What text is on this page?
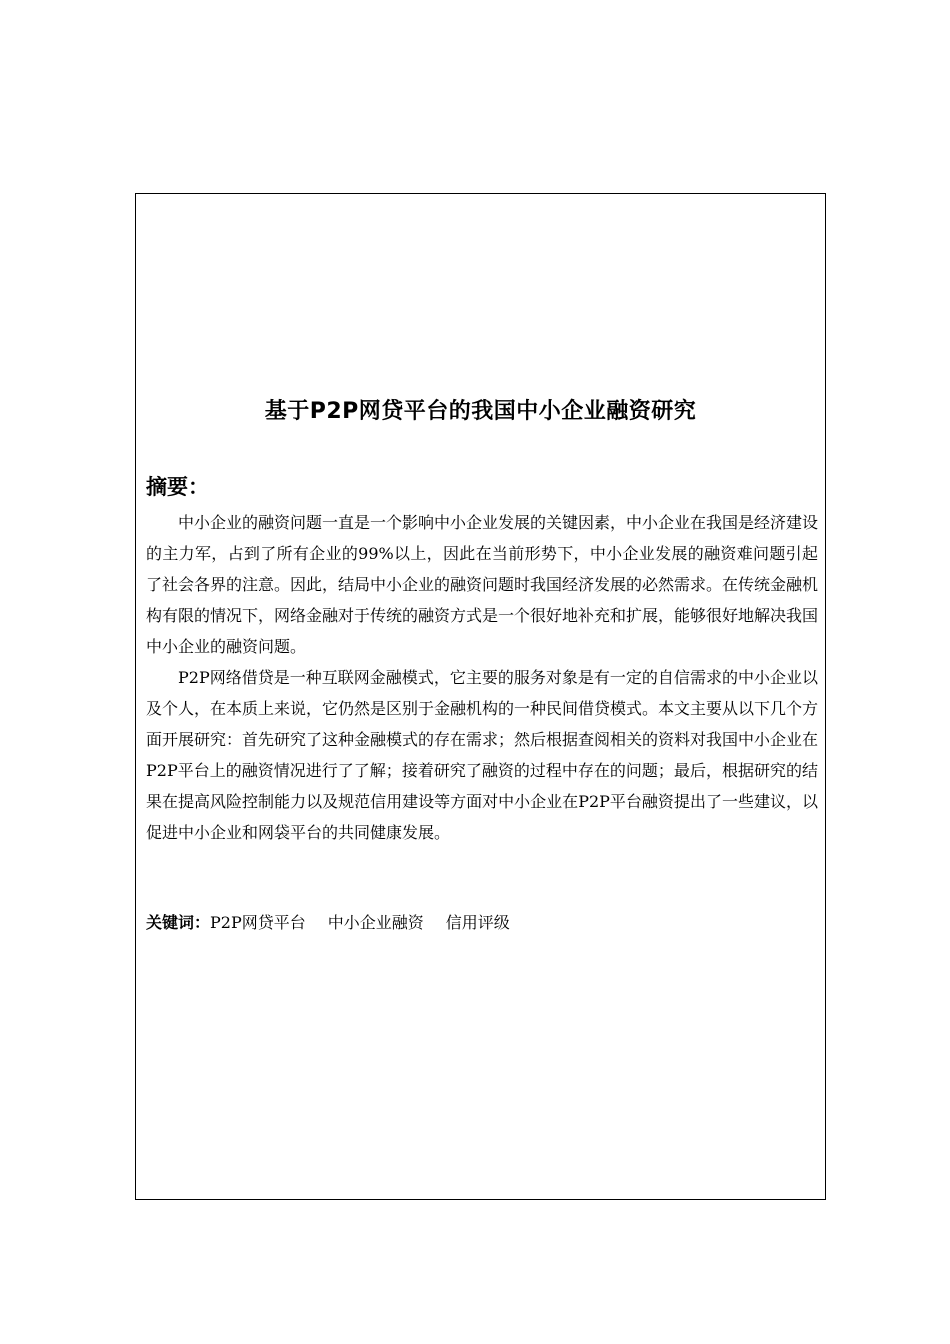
基于P2P网贷平台的我国中小企业融资研究
摘要：

中小企业的融资问题一直是一个影响中小企业发展的关键因素，中小企业在我国是经济建设的主力军，占到了所有企业的99%以上，因此在当前形势下，中小企业发展的融资难问题引起了社会各界的注意。因此，结局中小企业的融资问题时我国经济发展的必然需求。在传统金融机构有限的情况下，网络金融对于传统的融资方式是一个很好地补充和扩展，能够很好地解决我国中小企业的融资问题。

P2P网络借贷是一种互联网金融模式，它主要的服务对象是有一定的自信需求的中小企业以及个人，在本质上来说，它仍然是区别于金融机构的一种民间借贷模式。本文主要从以下几个方面开展研究：首先研究了这种金融模式的存在需求；然后根据查阅相关的资料对我国中小企业在P2P平台上的融资情况进行了了解；接着研究了融资的过程中存在的问题；最后，根据研究的结果在提高风险控制能力以及规范信用建设等方面对中小企业在P2P平台融资提出了一些建议，以促进中小企业和网袋平台的共同健康发展。

关键词：P2P网贷平台 中小企业融资 信用评级
